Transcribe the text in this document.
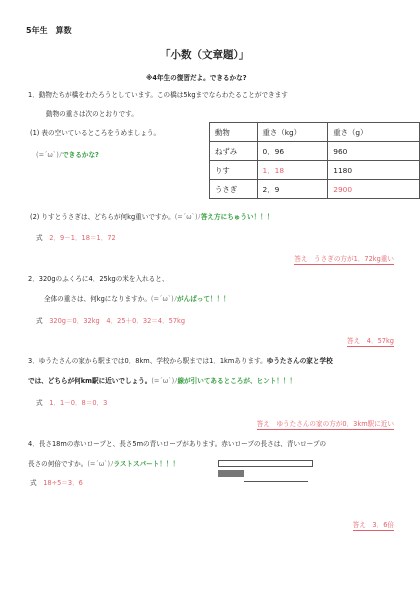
5年生　算数
「小数（文章題）」
※4年生の復習だよ。できるかな?
1．動物たちが橋をわたろうとしています。この橋は5kgまでならわたることができます
動物の重さは次のとおりです。
(1) 表の空いているところをうめましょう。
(=´ω`)ﾉできるかな?
動物	重さ（kg）	重さ（g）
ねずみ	0．96	960
りす	1．18	1180
うさぎ	2．9	2900
(2) りすとうさぎは、どちらが何kg重いですか。(=´ω`)ﾉ答え方にちゅうい！！！
式　 2．9－1．18＝1．72
答え　うさぎの方が1．72kg重い
2．320gのふくろに4．25kgの米を入れると、
全体の重さは、何kgになりますか。(=´ω`)ﾉがんばって！！！
式　 320g＝0．32kg　4．25＋0．32＝4．57kg
答え　4．57kg
3．ゆうたさんの家から駅までは0．8km、学校から駅までは1．1kmあります。ゆうたさんの家と学校
では、どちらが何km駅に近いでしょう。(=´ω`)ﾉ線が引いてあるところが、ヒント！！！
式　 1．1－0．8＝0．3
答え　ゆうたさんの家の方が0．3km駅に近い
4．長さ18mの赤いロープと、長さ5mの青いロープがあります。赤いロープの長さは、青いロープの
長さの何倍ですか。(=´ω`)ﾉラストスパート！！！
式　 18÷5＝3．6
答え　3．6倍
